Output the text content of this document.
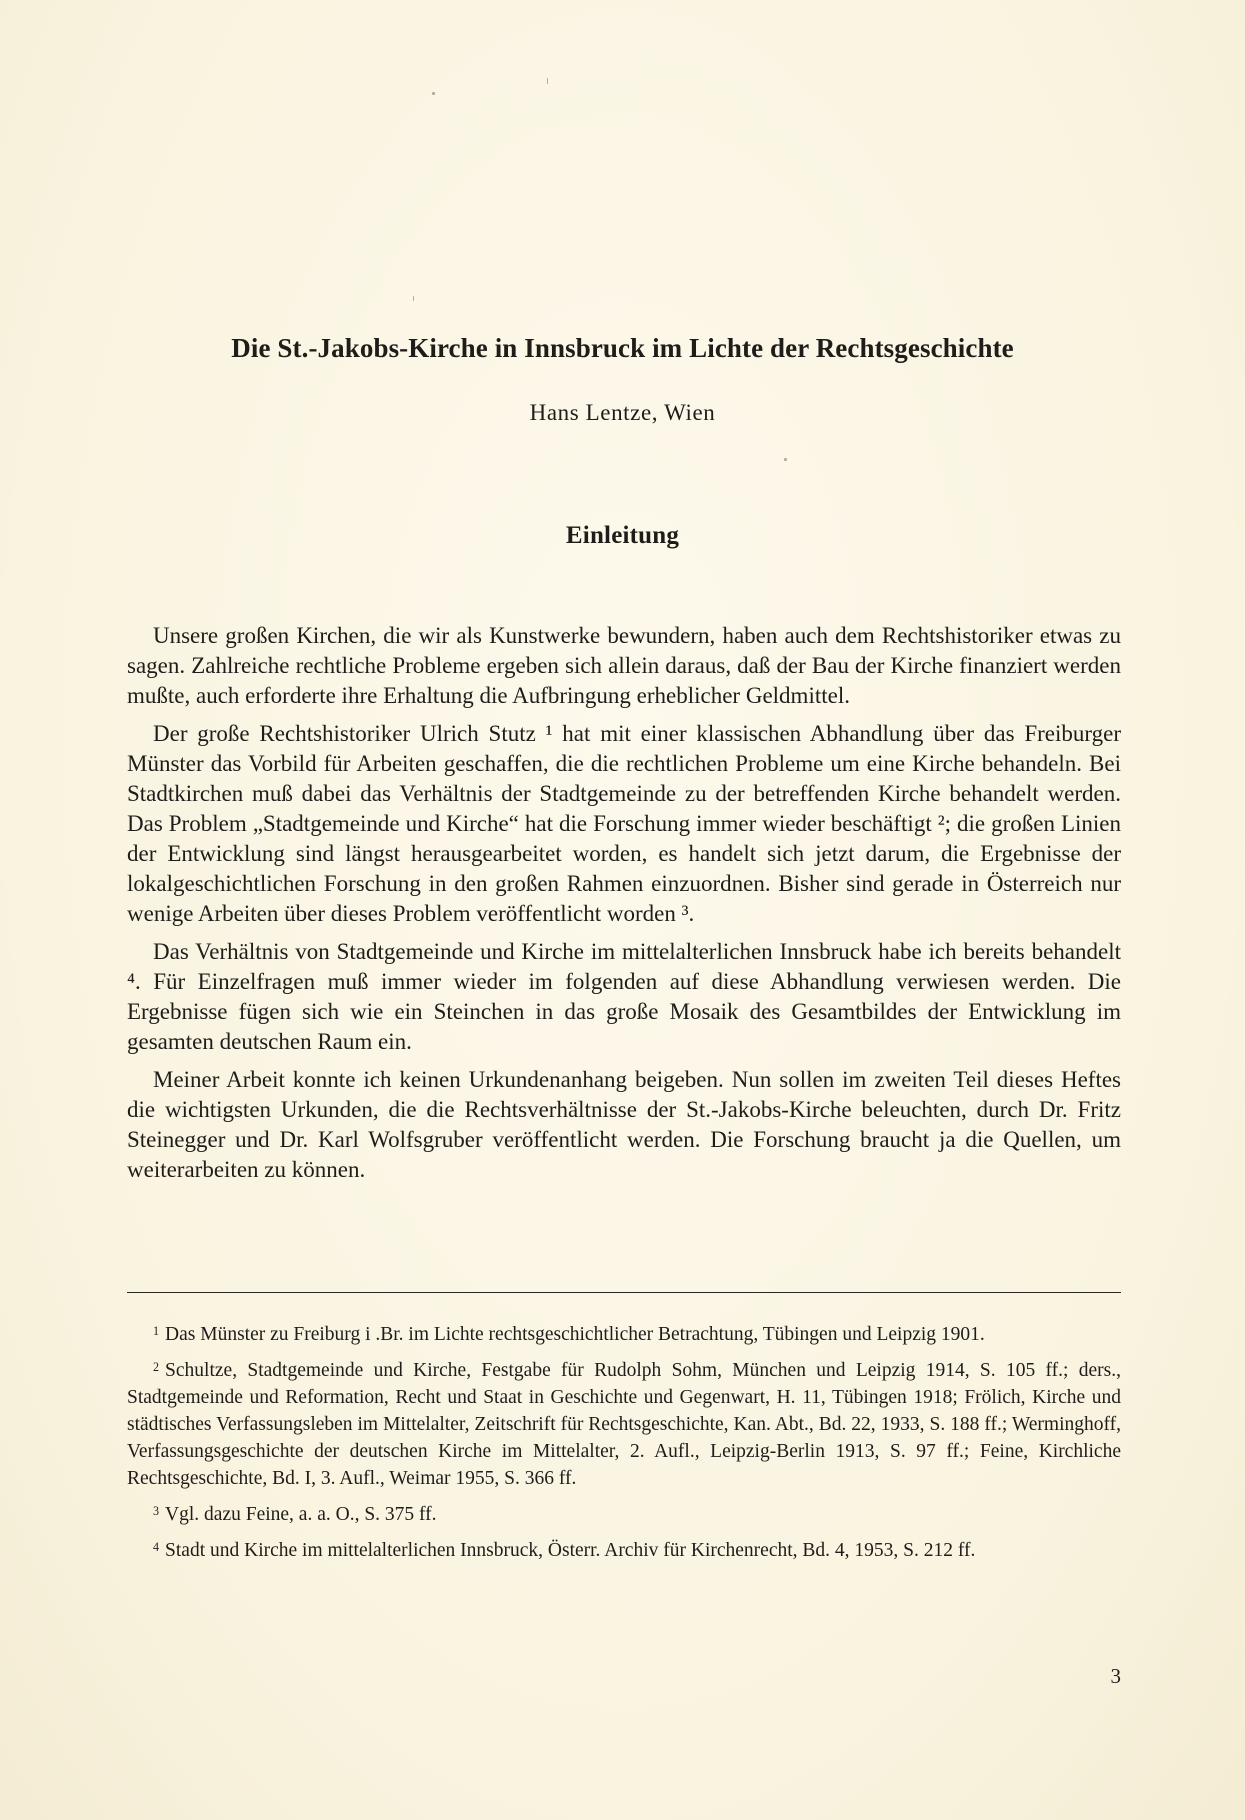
Die St.-Jakobs-Kirche in Innsbruck im Lichte der Rechtsgeschichte
Hans Lentze, Wien
Einleitung

Unsere großen Kirchen, die wir als Kunstwerke bewundern, haben auch dem Rechtshistoriker etwas zu sagen. Zahlreiche rechtliche Probleme ergeben sich allein daraus, daß der Bau der Kirche finanziert werden mußte, auch erforderte ihre Erhaltung die Aufbringung erheblicher Geldmittel.

Der große Rechtshistoriker Ulrich Stutz ¹ hat mit einer klassischen Abhandlung über das Freiburger Münster das Vorbild für Arbeiten geschaffen, die die rechtlichen Probleme um eine Kirche behandeln. Bei Stadtkirchen muß dabei das Verhältnis der Stadtgemeinde zu der betreffenden Kirche behandelt werden. Das Problem „Stadtgemeinde und Kirche“ hat die Forschung immer wieder beschäftigt ²; die großen Linien der Entwicklung sind längst herausgearbeitet worden, es handelt sich jetzt darum, die Ergebnisse der lokalgeschichtlichen Forschung in den großen Rahmen einzuordnen. Bisher sind gerade in Österreich nur wenige Arbeiten über dieses Problem veröffentlicht worden ³.

Das Verhältnis von Stadtgemeinde und Kirche im mittelalterlichen Innsbruck habe ich bereits behandelt ⁴. Für Einzelfragen muß immer wieder im folgenden auf diese Abhandlung verwiesen werden. Die Ergebnisse fügen sich wie ein Steinchen in das große Mosaik des Gesamtbildes der Entwicklung im gesamten deutschen Raum ein.

Meiner Arbeit konnte ich keinen Urkundenanhang beigeben. Nun sollen im zweiten Teil dieses Heftes die wichtigsten Urkunden, die die Rechtsverhältnisse der St.-Jakobs-Kirche beleuchten, durch Dr. Fritz Steinegger und Dr. Karl Wolfsgruber veröffentlicht werden. Die Forschung braucht ja die Quellen, um weiterarbeiten zu können.

$^1$ Das Münster zu Freiburg i .Br. im Lichte rechtsgeschichtlicher Betrachtung, Tübingen und Leipzig 1901.

$^2$ Schultze, Stadtgemeinde und Kirche, Festgabe für Rudolph Sohm, München und Leipzig 1914, S. 105 ff.; ders., Stadtgemeinde und Reformation, Recht und Staat in Geschichte und Gegenwart, H. 11, Tübingen 1918; Frölich, Kirche und städtisches Verfassungsleben im Mittelalter, Zeitschrift für Rechtsgeschichte, Kan. Abt., Bd. 22, 1933, S. 188 ff.; Werminghoff, Verfassungsgeschichte der deutschen Kirche im Mittelalter, 2. Aufl., Leipzig-Berlin 1913, S. 97 ff.; Feine, Kirchliche Rechtsgeschichte, Bd. I, 3. Aufl., Weimar 1955, S. 366 ff.

$^3$ Vgl. dazu Feine, a. a. O., S. 375 ff.

$^4$ Stadt und Kirche im mittelalterlichen Innsbruck, Österr. Archiv für Kirchenrecht, Bd. 4, 1953, S. 212 ff.

3
